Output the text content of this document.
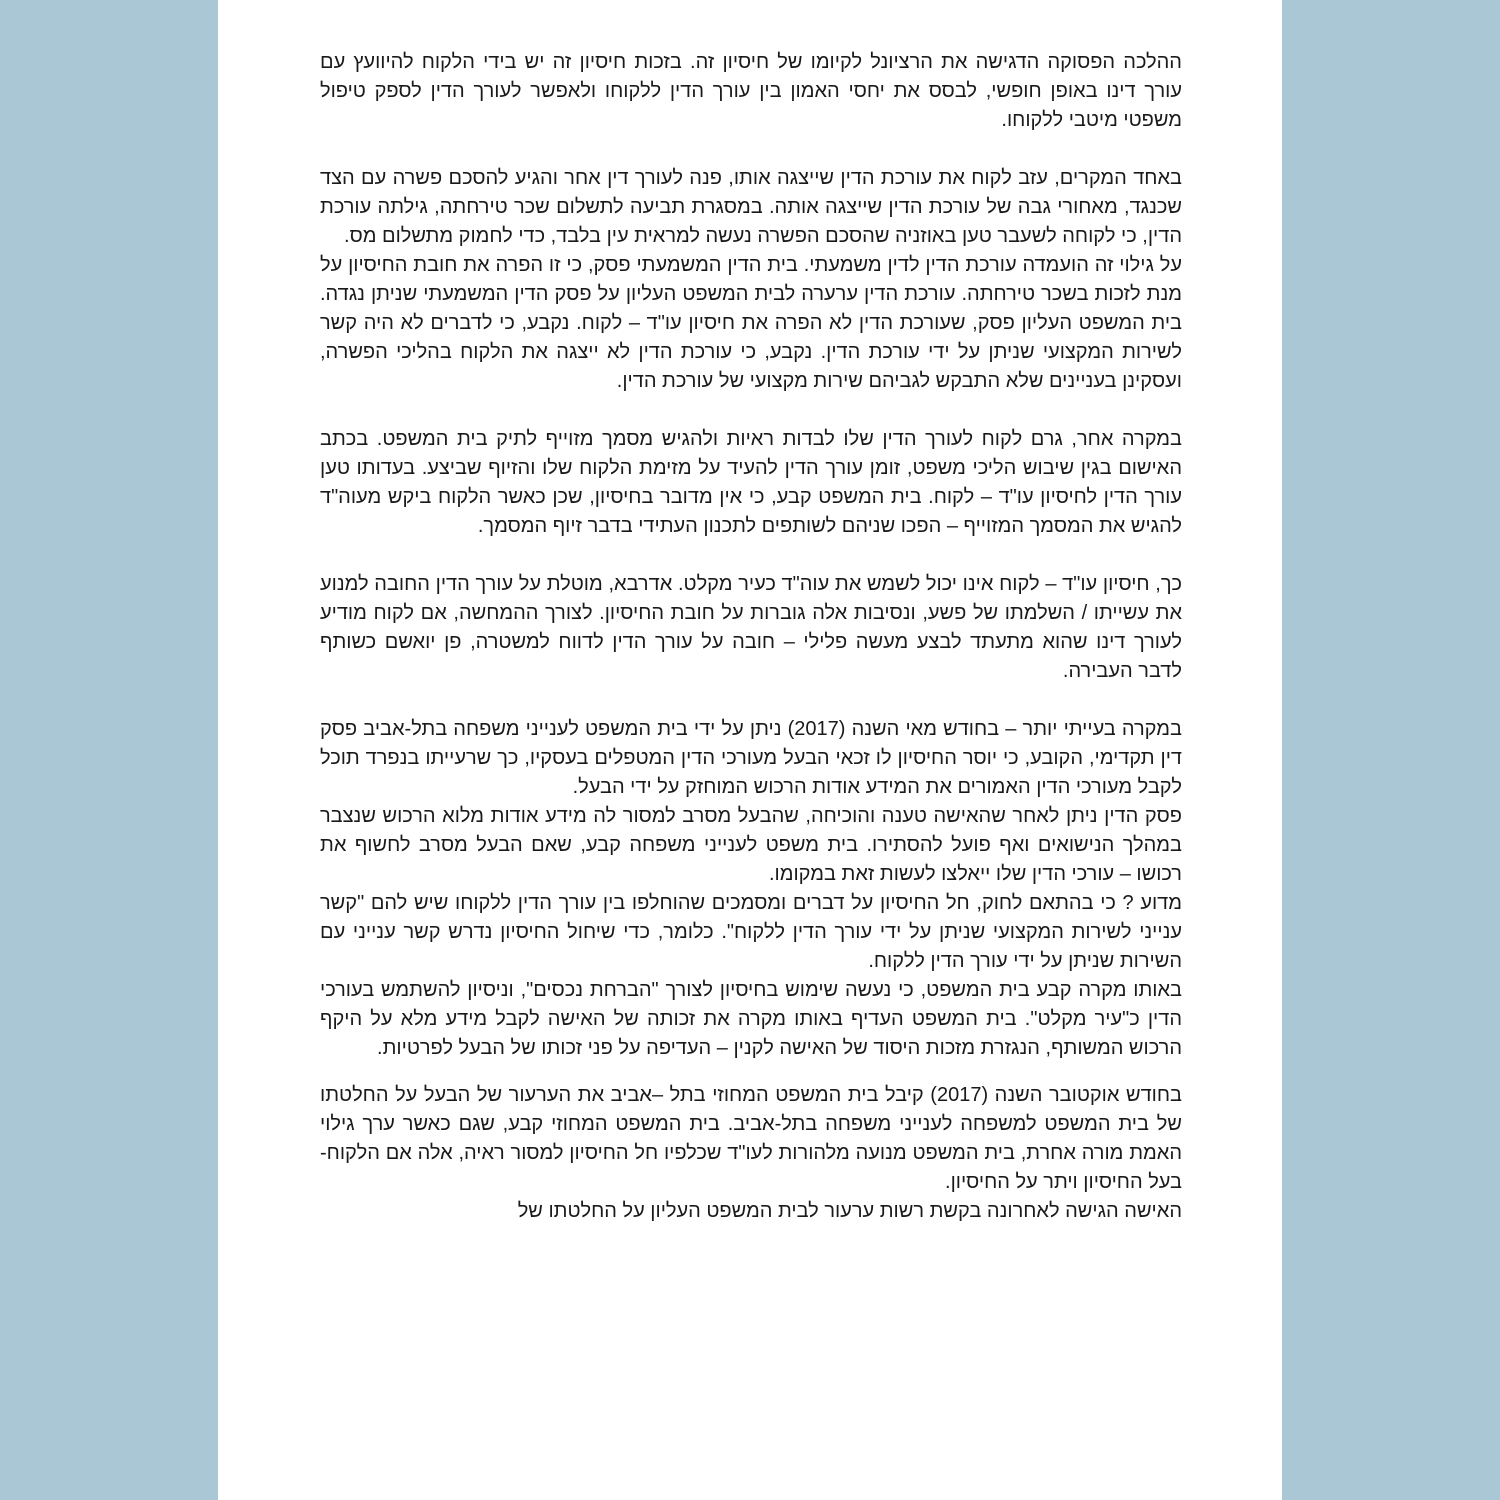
ההלכה הפסוקה הדגישה את הרציונל לקיומו של חיסיון זה. בזכות חיסיון זה יש בידי הלקוח להיוועץ עם עורך דינו באופן חופשי, לבסס את יחסי האמון בין עורך הדין ללקוחו ולאפשר לעורך הדין לספק טיפול משפטי מיטבי ללקוחו.

באחד המקרים, עזב לקוח את עורכת הדין שייצגה אותו, פנה לעורך דין אחר והגיע להסכם פשרה עם הצד שכנגד, מאחורי גבה של עורכת הדין שייצגה אותה. במסגרת תביעה לתשלום שכר טירחתה, גילתה עורכת הדין, כי לקוחה לשעבר טען באוזניה שהסכם הפשרה נעשה למראית עין בלבד, כדי לחמוק מתשלום מס.

על גילוי זה הועמדה עורכת הדין לדין משמעתי. בית הדין המשמעתי פסק, כי זו הפרה את חובת החיסיון על מנת לזכות בשכר טירחתה. עורכת הדין ערערה לבית המשפט העליון על פסק הדין המשמעתי שניתן נגדה. בית המשפט העליון פסק, שעורכת הדין לא הפרה את חיסיון עו"ד – לקוח. נקבע, כי לדברים לא היה קשר לשירות המקצועי שניתן על ידי עורכת הדין. נקבע, כי עורכת הדין לא ייצגה את הלקוח בהליכי הפשרה, ועסקינן בעניינים שלא התבקש לגביהם שירות מקצועי של עורכת הדין.

במקרה אחר, גרם לקוח לעורך הדין שלו לבדות ראיות ולהגיש מסמך מזוייף לתיק בית המשפט. בכתב האישום בגין שיבוש הליכי משפט, זומן עורך הדין להעיד על מזימת הלקוח שלו והזיוף שביצע. בעדותו טען עורך הדין לחיסיון עו"ד – לקוח. בית המשפט קבע, כי אין מדובר בחיסיון, שכן כאשר הלקוח ביקש מעוה"ד להגיש את המסמך המזוייף – הפכו שניהם לשותפים לתכנון העתידי בדבר זיוף המסמך.

כך, חיסיון עו"ד – לקוח אינו יכול לשמש את עוה"ד כעיר מקלט. אדרבא, מוטלת על עורך הדין החובה למנוע את עשייתו / השלמתו של פשע, ונסיבות אלה גוברות על חובת החיסיון. לצורך ההמחשה, אם לקוח מודיע לעורך דינו שהוא מתעתד לבצע מעשה פלילי – חובה על עורך הדין לדווח למשטרה, פן יואשם כשותף לדבר העבירה.

במקרה בעייתי יותר – בחודש מאי השנה (2017) ניתן על ידי בית המשפט לענייני משפחה בתל-אביב פסק דין תקדימי, הקובע, כי יוסר החיסיון לו זכאי הבעל מעורכי הדין המטפלים בעסקיו, כך שרעייתו בנפרד תוכל לקבל מעורכי הדין האמורים את המידע אודות הרכוש המוחזק על ידי הבעל.

פסק הדין ניתן לאחר שהאישה טענה והוכיחה, שהבעל מסרב למסור לה מידע אודות מלוא הרכוש שנצבר במהלך הנישואים ואף פועל להסתירו. בית משפט לענייני משפחה קבע, שאם הבעל מסרב לחשוף את רכושו – עורכי הדין שלו ייאלצו לעשות זאת במקומו.

מדוע ? כי בהתאם לחוק, חל החיסיון על דברים ומסמכים שהוחלפו בין עורך הדין ללקוחו שיש להם "קשר ענייני לשירות המקצועי שניתן על ידי עורך הדין ללקוח". כלומר, כדי שיחול החיסיון נדרש קשר ענייני עם השירות שניתן על ידי עורך הדין ללקוח.

באותו מקרה קבע בית המשפט, כי נעשה שימוש בחיסיון לצורך "הברחת נכסים", וניסיון להשתמש בעורכי הדין כ"עיר מקלט". בית המשפט העדיף באותו מקרה את זכותה של האישה לקבל מידע מלא על היקף הרכוש המשותף, הנגזרת מזכות היסוד של האישה לקנין – העדיפה על פני זכותו של הבעל לפרטיות.

בחודש אוקטובר השנה (2017) קיבל בית המשפט המחוזי בתל –אביב את הערעור של הבעל על החלטתו של בית המשפט למשפחה לענייני משפחה בתל-אביב. בית המשפט המחוזי קבע, שגם כאשר ערך גילוי האמת מורה אחרת, בית המשפט מנועה מלהורות לעו"ד שכלפיו חל החיסיון למסור ראיה, אלה אם הלקוח- בעל החיסיון ויתר על החיסיון.

האישה הגישה לאחרונה בקשת רשות ערעור לבית המשפט העליון על החלטתו של
